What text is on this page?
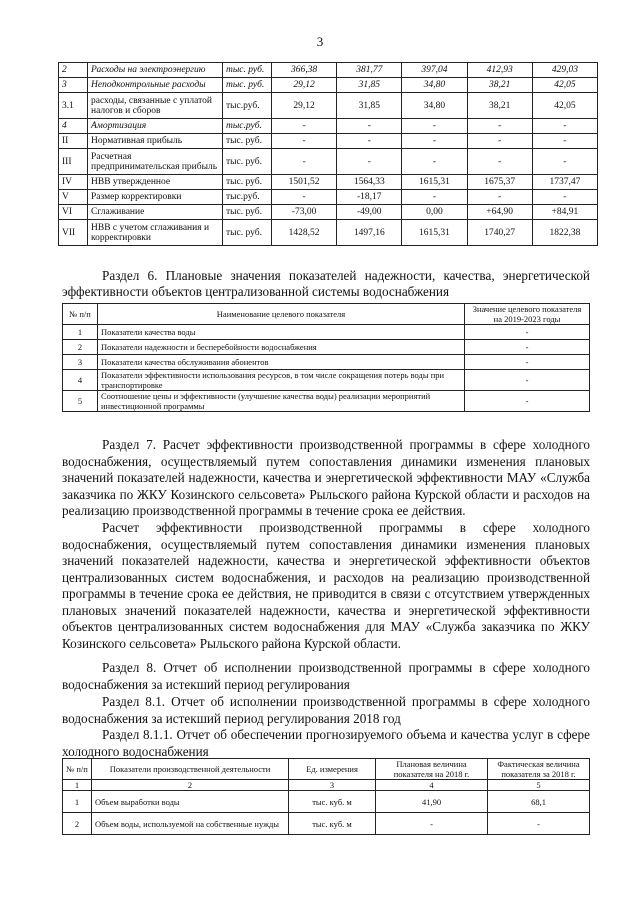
3
2	Расходы на электроэнергию	тыс. руб.	366,38	381,77	397,04	412,93	429,03
3	Неподконтрольные расходы	тыс. руб.	29,12	31,85	34,80	38,21	42,05
3.1	расходы, связанные с уплатой налогов и сборов	тыс.руб.	29,12	31,85	34,80	38,21	42,05
4	Амортизация	тыс.руб.	-	-	-	-	-
II	Нормативная прибыль	тыс. руб.	-	-	-	-	-
III	Расчетная предпринимательская прибыль	тыс. руб.	-	-	-	-	-
IV	НВВ утвержденное	тыс. руб.	1501,52	1564,33	1615,31	1675,37	1737,47
V	Размер корректировки	тыс.руб.	-	-18,17	-	-	-
VI	Сглаживание	тыс. руб.	-73,00	-49,00	0,00	+64,90	+84,91
VII	НВВ с учетом сглаживания и корректировки	тыс. руб.	1428,52	1497,16	1615,31	1740,27	1822,38
Раздел 6. Плановые значения показателей надежности, качества, энергетической эффективности объектов централизованной системы водоснабжения
№ п/п	Наименование целевого показателя	Значение целевого показателя на 2019-2023 годы
1	Показатели качества воды	-
2	Показатели надежности и бесперебойности водоснабжения	-
3	Показатели качества обслуживания абонентов	-
4	Показатели эффективности использования ресурсов, в том числе сокращения потерь воды при транспортировке	-
5	Соотношение цены и эффективности (улучшение качества воды) реализации мероприятий инвестиционной программы	-
Раздел 7. Расчет эффективности производственной программы в сфере холодного водоснабжения, осуществляемый путем сопоставления динамики изменения плановых значений показателей надежности, качества и энергетической эффективности МАУ «Служба заказчика по ЖКУ Козинского сельсовета» Рыльского района Курской области и расходов на реализацию производственной программы в течение срока ее действия.
Расчет эффективности производственной программы в сфере холодного водоснабжения, осуществляемый путем сопоставления динамики изменения плановых значений показателей надежности, качества и энергетической эффективности объектов централизованных систем водоснабжения, и расходов на реализацию производственной программы в течение срока ее действия, не приводится в связи с отсутствием утвержденных плановых значений показателей надежности, качества и энергетической эффективности объектов централизованных систем водоснабжения для МАУ «Служба заказчика по ЖКУ Козинского сельсовета» Рыльского района Курской области.
Раздел 8. Отчет об исполнении производственной программы в сфере холодного водоснабжения за истекший период регулирования
Раздел 8.1. Отчет об исполнении производственной программы в сфере холодного водоснабжения за истекший период регулирования 2018 год
Раздел 8.1.1. Отчет об обеспечении прогнозируемого объема и качества услуг в сфере холодного водоснабжения
№ п/п	Показатели производственной деятельности	Ед. измерения	Плановая величина показателя на 2018 г.	Фактическая величина показателя за 2018 г.
1	2	3	4	5
1	Объем выработки воды	тыс. куб. м	41,90	68,1
2	Объем воды, используемой на собственные нужды	тыс. куб. м	-	-
